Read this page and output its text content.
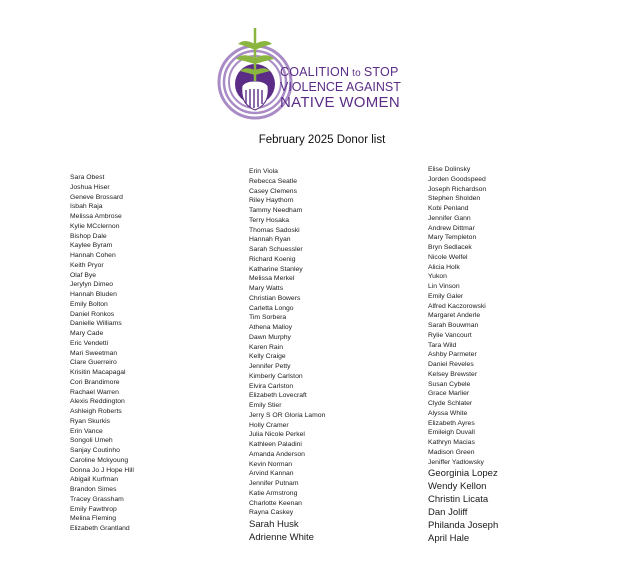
COALITION to STOP
VIOLENCE AGAINST
NATIVE WOMEN
February 2025 Donor list
Sara Obest
Joshua Hiser
Geneve Brossard
Isbah Raja
Melissa Ambrose
Kylie MCclernon
Bishop Dale
Kaylee Byram
Hannah Cohen
Keith Pryor
Olaf Bye
Jerylyn Dimeo
Hannah Bluden
Emily Bolton
Daniel Ronkos
Danielle Williams
Mary Cade
Eric Vendetti
Mari Sweetman
Clare Guerreiro
Krisitin Macapagal
Cori Brandimore
Rachael Warren
Alexis Reddington
Ashleigh Roberts
Ryan Skurkis
Erin Vance
Songoli Umeh
Sanjay Coutinho
Caroline Mckyoung
Donna Jo J Hope Hill
Abigail Kurfman
Brandon Simes
Tracey Grassham
Emily Fawthrop
Melina Fleming
Elizabeth Grantland
Erin Viola
Rebecca Seatle
Casey Clemens
Riley Haythorn
Tammy Needham
Terry Hosaka
Thomas Sadoski
Hannah Ryan
Sarah Schuessler
Richard Koenig
Katharine Stanley
Melissa Merkel
Mary Watts
Christian Bowers
Carletta Longo
Tim Sorbera
Athena Malloy
Dawn Murphy
Karen Rain
Kelly Craige
Jennifer Petty
Kimberly Carlston
Elvira Carlston
Elizabeth Lovecraft
Emily Stier
Jerry S OR Gloria Lamon
Holly Cramer
Julia Nicole Perkel
Kathleen Paladini
Amanda Anderson
Kevin Norman
Arvind Kannan
Jennifer Putnam
Katie Armstrong
Charlotte Keenan
Rayna Caskey
Sarah Husk
Adrienne White
Elise Dolinsky
Jorden Goodspeed
Joseph Richardson
Stephen Sholden
Kobi Penland
Jennifer Gann
Andrew Dittmar
Mary Templeton
Bryn Sedlacek
Nicole Welfel
Alicia Holk
Yukon
Lin Vinson
Emily Galer
Alfred Kaczorowski
Margaret Anderle
Sarah Bouwman
Rylie Vancourt
Tara Wild
Ashby Parmeter
Daniel Reveles
Kelsey Brewster
Susan Cybele
Grace Marlier
Clyde Schlater
Alyssa White
Elizabeth Ayres
Emileigh Duvall
Kathryn Macias
Madison Green
Jeniffer Yadlowsky
Georginia Lopez
Wendy Kellon
Christin Licata
Dan Joliff
Philanda Joseph
April Hale
